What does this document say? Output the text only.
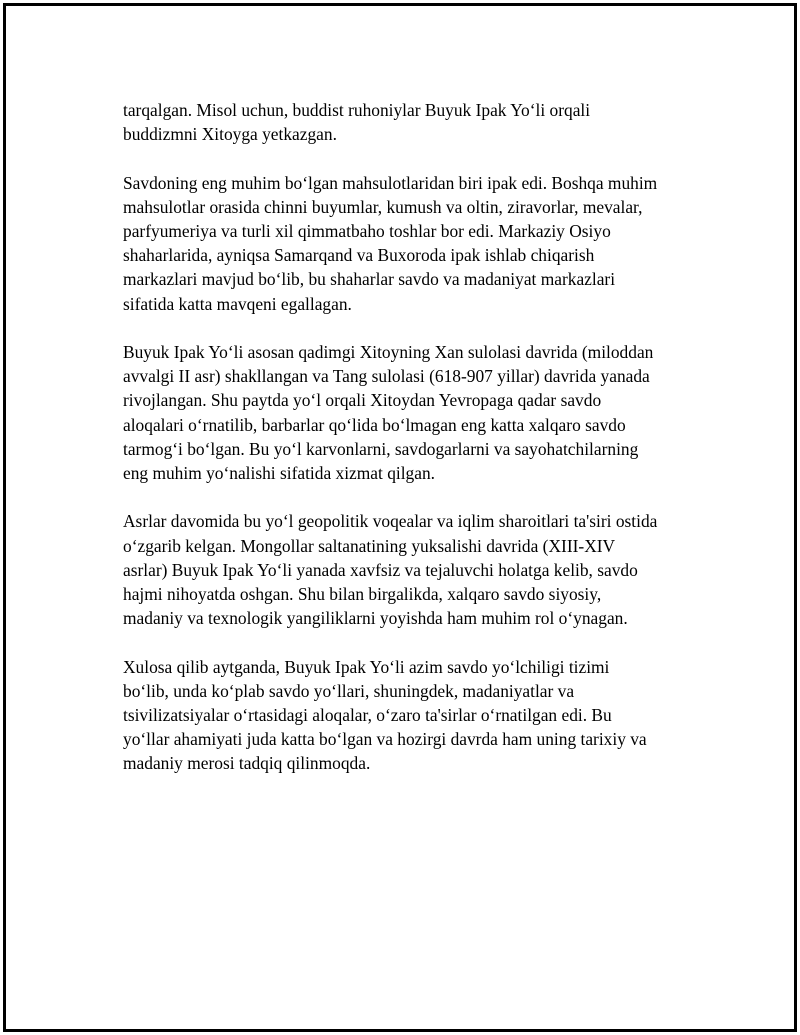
tarqalgan. Misol uchun, buddist ruhoniylar Buyuk Ipak Yo‘li orqali
buddizmni Xitoyga yetkazgan.

Savdoning eng muhim bo‘lgan mahsulotlaridan biri ipak edi. Boshqa muhim
mahsulotlar orasida chinni buyumlar, kumush va oltin, ziravorlar, mevalar,
parfyumeriya va turli xil qimmatbaho toshlar bor edi. Markaziy Osiyo
shaharlarida, ayniqsa Samarqand va Buxoroda ipak ishlab chiqarish
markazlari mavjud bo‘lib, bu shaharlar savdo va madaniyat markazlari
sifatida katta mavqeni egallagan.

Buyuk Ipak Yo‘li asosan qadimgi Xitoyning Xan sulolasi davrida (miloddan
avvalgi II asr) shakllangan va Tang sulolasi (618-907 yillar) davrida yanada
rivojlangan. Shu paytda yo‘l orqali Xitoydan Yevropaga qadar savdo
aloqalari o‘rnatilib, barbarlar qo‘lida bo‘lmagan eng katta xalqaro savdo
tarmog‘i bo‘lgan. Bu yo‘l karvonlarni, savdogarlarni va sayohatchilarning
eng muhim yo‘nalishi sifatida xizmat qilgan.

Asrlar davomida bu yo‘l geopolitik voqealar va iqlim sharoitlari ta'siri ostida
o‘zgarib kelgan. Mongollar saltanatining yuksalishi davrida (XIII-XIV
asrlar) Buyuk Ipak Yo‘li yanada xavfsiz va tejaluvchi holatga kelib, savdo
hajmi nihoyatda oshgan. Shu bilan birgalikda, xalqaro savdo siyosiy,
madaniy va texnologik yangiliklarni yoyishda ham muhim rol o‘ynagan.

Xulosa qilib aytganda, Buyuk Ipak Yo‘li azim savdo yo‘lchiligi tizimi
bo‘lib, unda ko‘plab savdo yo‘llari, shuningdek, madaniyatlar va
tsivilizatsiyalar o‘rtasidagi aloqalar, o‘zaro ta'sirlar o‘rnatilgan edi. Bu
yo‘llar ahamiyati juda katta bo‘lgan va hozirgi davrda ham uning tarixiy va
madaniy merosi tadqiq qilinmoqda.
